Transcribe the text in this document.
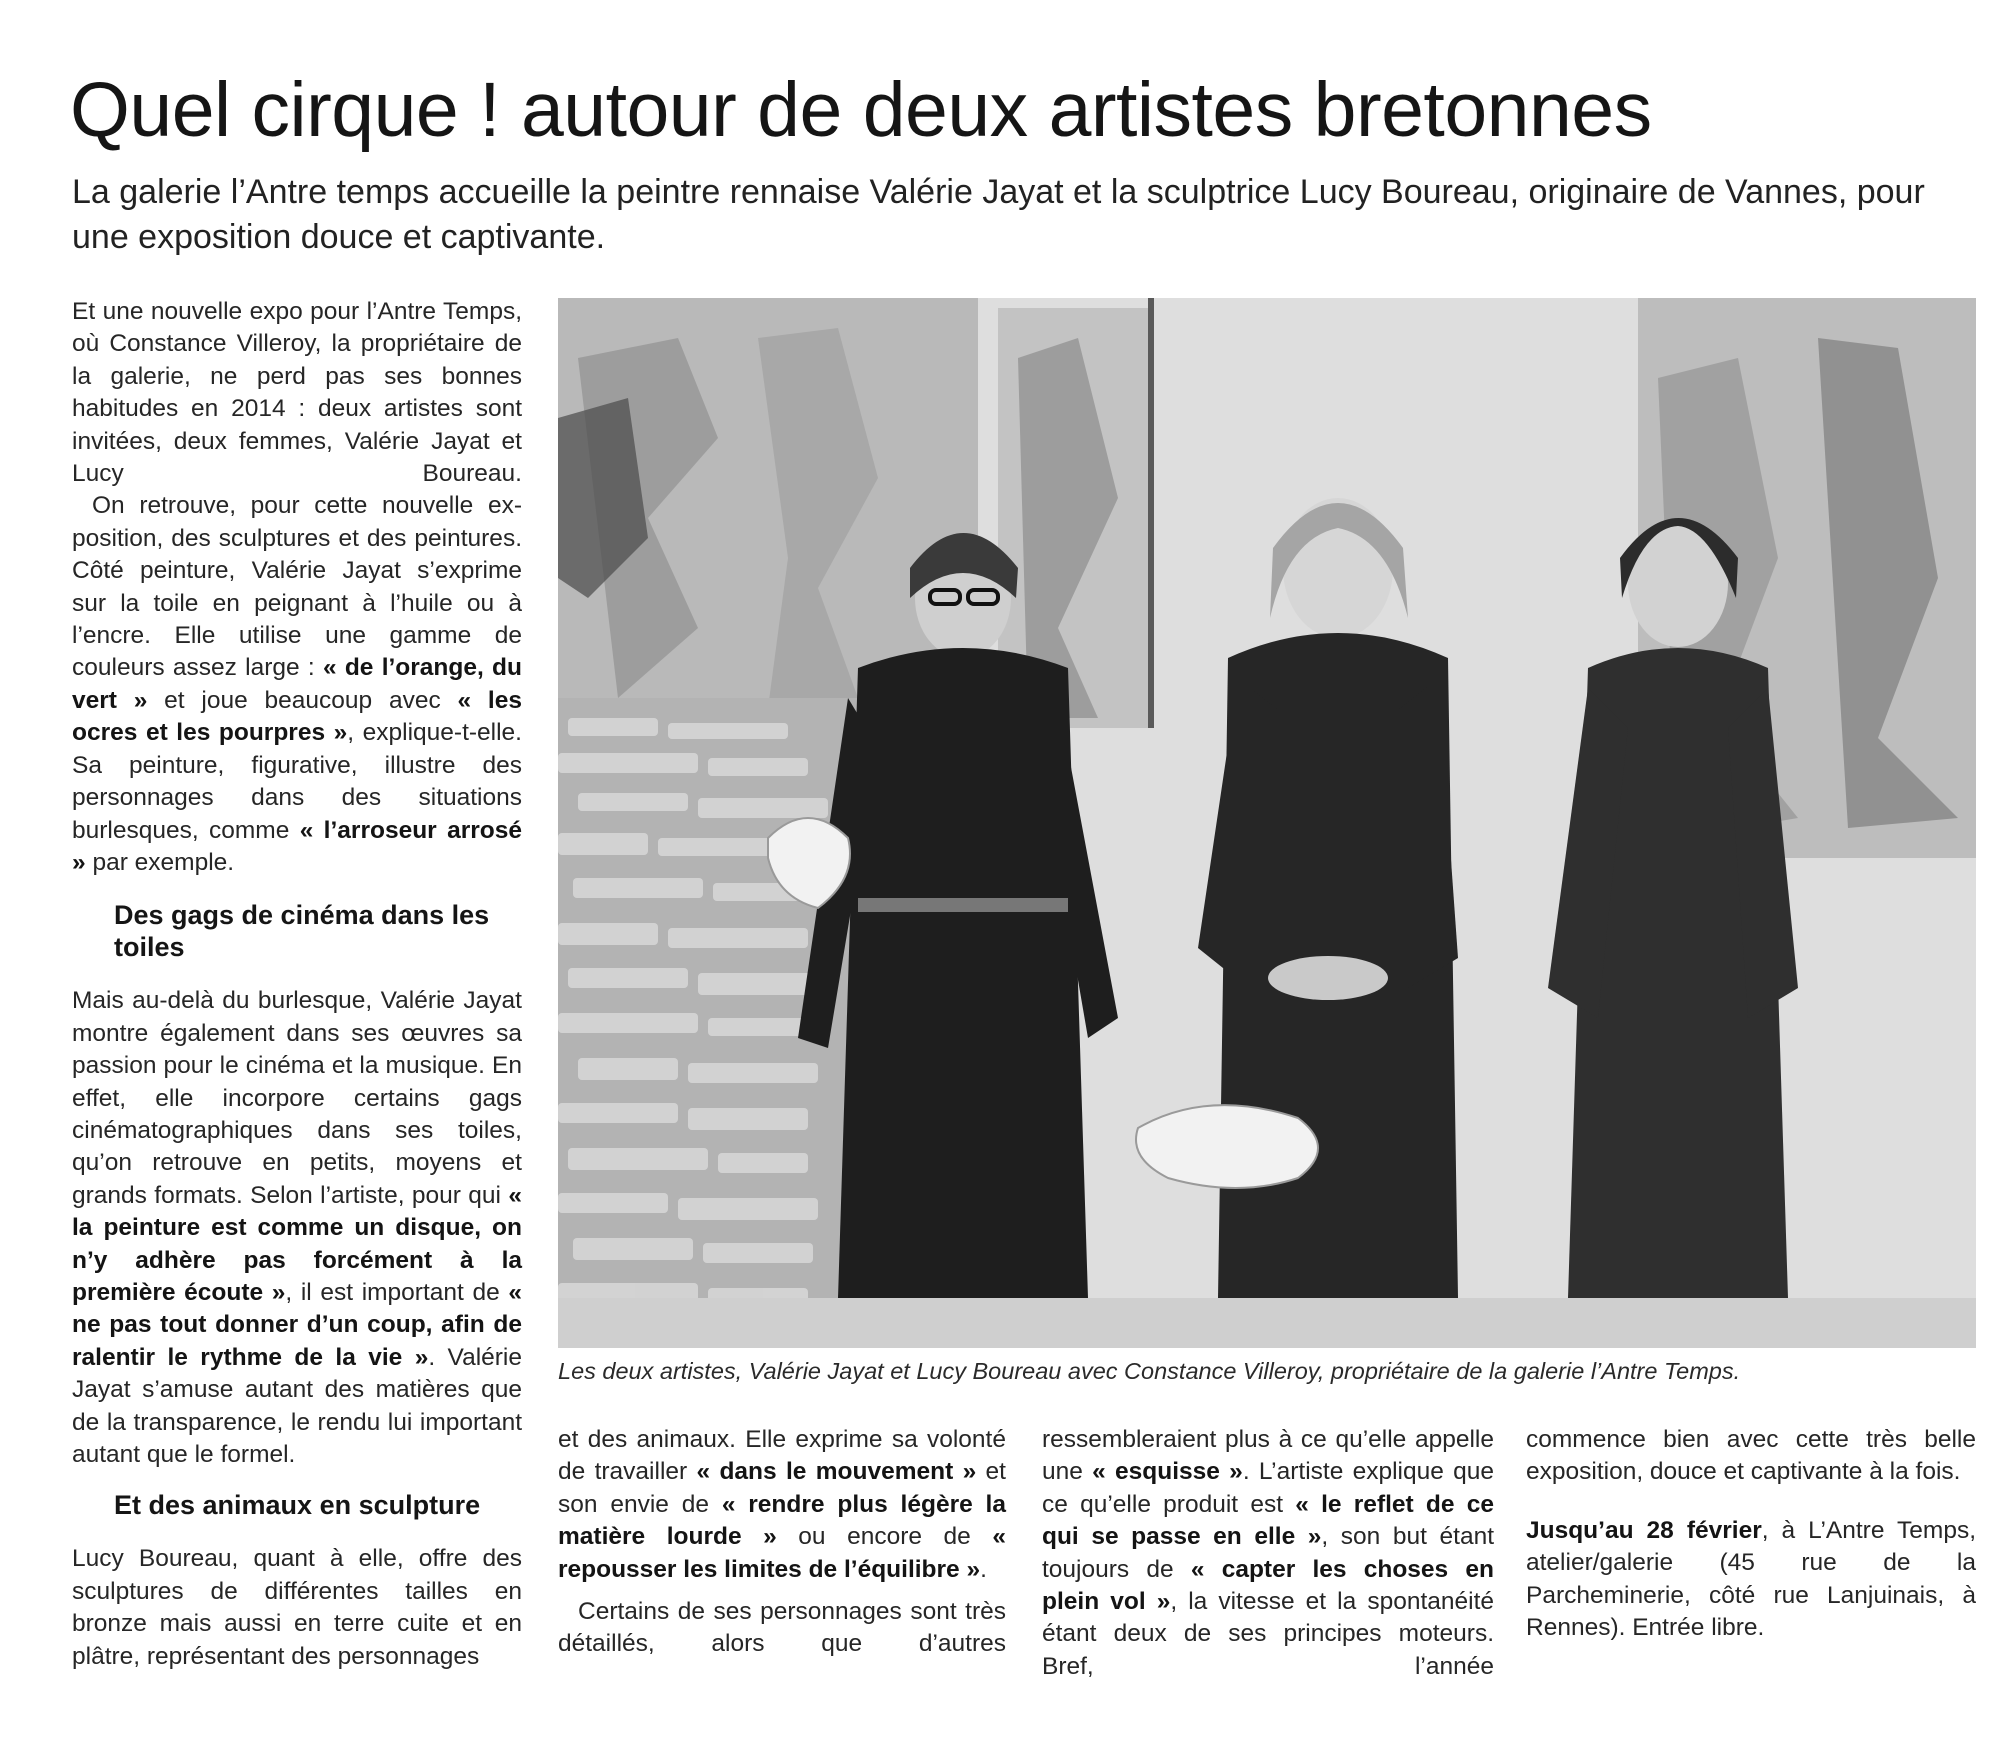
Quel cirque ! autour de deux artistes bretonnes

La galerie l’Antre temps accueille la peintre rennaise Valérie Jayat et la sculptrice Lucy Boureau, originaire de Vannes, pour une exposition douce et captivante.

Et une nouvelle expo pour l’Antre Temps, où Constance Villeroy, la propriétaire de la galerie, ne perd pas ses bonnes habitudes en 2014 : deux artistes sont invitées, deux femmes, Valérie Jayat et Lucy Boureau.

On retrouve, pour cette nouvelle exposition, des sculptures et des peintures. Côté peinture, Valérie Jayat s’exprime sur la toile en peignant à l’huile ou à l’encre. Elle utilise une gamme de couleurs assez large : « de l’orange, du vert » et joue beaucoup avec « les ocres et les pourpres », explique-t-elle. Sa peinture, figurative, illustre des personnages dans des situations burlesques, comme « l’arroseur arrosé » par exemple.

Des gags de cinéma dans les toiles

Mais au-delà du burlesque, Valérie Jayat montre également dans ses œuvres sa passion pour le cinéma et la musique. En effet, elle incorpore certains gags cinématographiques dans ses toiles, qu’on retrouve en petits, moyens et grands formats. Selon l’artiste, pour qui « la peinture est comme un disque, on n’y adhère pas forcément à la première écoute », il est important de « ne pas tout donner d’un coup, afin de ralentir le rythme de la vie ». Valérie Jayat s’amuse autant des matières que de la transparence, le rendu lui important autant que le formel.

Et des animaux en sculpture

Lucy Boureau, quant à elle, offre des sculptures de différentes tailles en bronze mais aussi en terre cuite et en plâtre, représentant des personnages

Les deux artistes, Valérie Jayat et Lucy Boureau avec Constance Villeroy, propriétaire de la galerie l’Antre Temps.

et des animaux. Elle exprime sa volonté de travailler « dans le mouvement » et son envie de « rendre plus légère la matière lourde » ou encore de « repousser les limites de l’équilibre ».

Certains de ses personnages sont très détaillés, alors que d’autres

ressembleraient plus à ce qu’elle appelle une « esquisse ». L’artiste explique que ce qu’elle produit est « le reflet de ce qui se passe en elle », son but étant toujours de « capter les choses en plein vol », la vitesse et la spontanéité étant deux de ses principes moteurs. Bref, l’année

commence bien avec cette très belle exposition, douce et captivante à la fois.

Jusqu’au 28 février, à L’Antre Temps, atelier/galerie (45 rue de la Parcheminerie, côté rue Lanjuinais, à Rennes). Entrée libre.
